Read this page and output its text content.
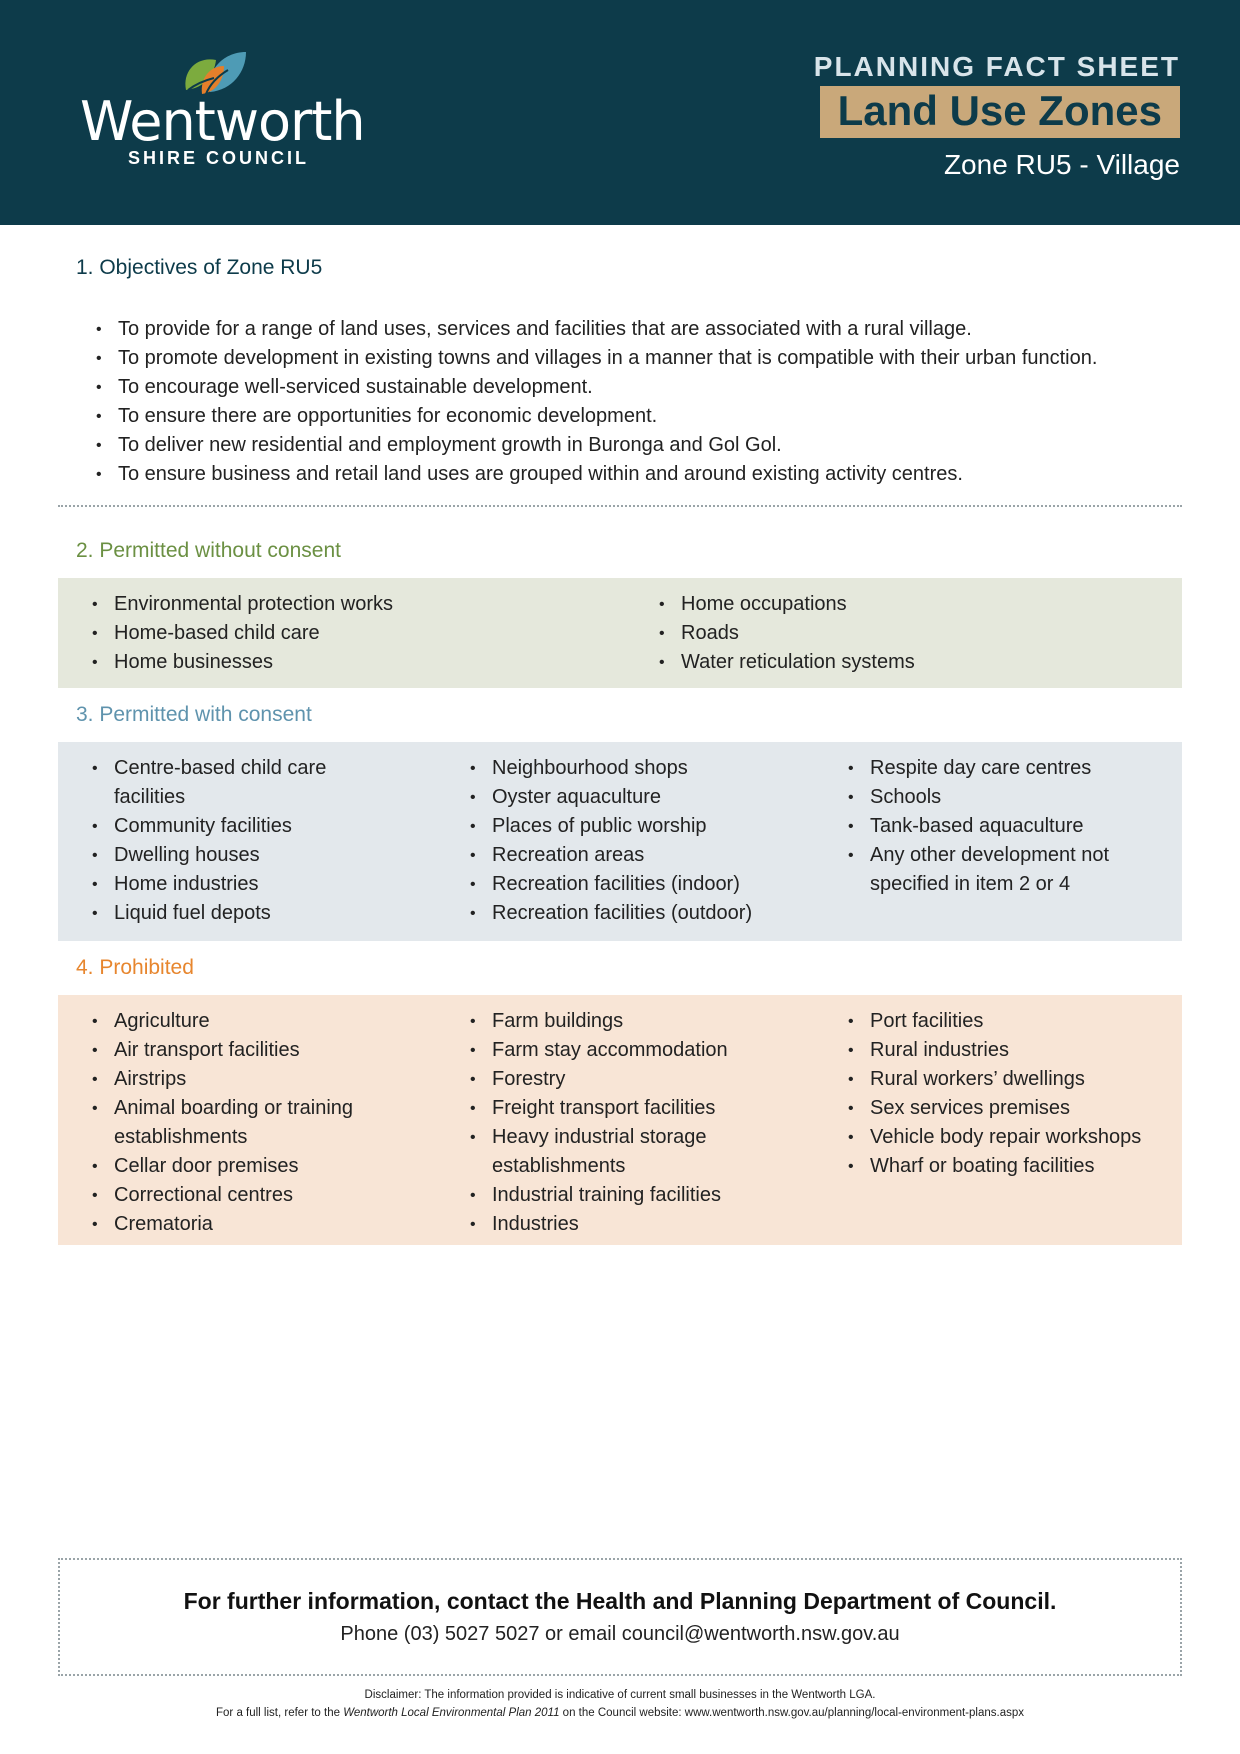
Wentworth
SHIRE COUNCIL
PLANNING FACT SHEET
Land Use Zones
Zone RU5 - Village
1. Objectives of Zone RU5
• To provide for a range of land uses, services and facilities that are associated with a rural village.
• To promote development in existing towns and villages in a manner that is compatible with their urban function.
• To encourage well-serviced sustainable development.
• To ensure there are opportunities for economic development.
• To deliver new residential and employment growth in Buronga and Gol Gol.
• To ensure business and retail land uses are grouped within and around existing activity centres.
2. Permitted without consent
• Environmental protection works
• Home-based child care
• Home businesses
• Home occupations
• Roads
• Water reticulation systems
3. Permitted with consent
• Centre-based child care facilities
• Community facilities
• Dwelling houses
• Home industries
• Liquid fuel depots
• Neighbourhood shops
• Oyster aquaculture
• Places of public worship
• Recreation areas
• Recreation facilities (indoor)
• Recreation facilities (outdoor)
• Respite day care centres
• Schools
• Tank-based aquaculture
• Any other development not specified in item 2 or 4
4. Prohibited
• Agriculture
• Air transport facilities
• Airstrips
• Animal boarding or training establishments
• Cellar door premises
• Correctional centres
• Crematoria
• Farm buildings
• Farm stay accommodation
• Forestry
• Freight transport facilities
• Heavy industrial storage establishments
• Industrial training facilities
• Industries
• Port facilities
• Rural industries
• Rural workers’ dwellings
• Sex services premises
• Vehicle body repair workshops
• Wharf or boating facilities
For further information, contact the Health and Planning Department of Council.
Phone (03) 5027 5027 or email council@wentworth.nsw.gov.au
Disclaimer: The information provided is indicative of current small businesses in the Wentworth LGA.
For a full list, refer to the Wentworth Local Environmental Plan 2011 on the Council website: www.wentworth.nsw.gov.au/planning/local-environment-plans.aspx
